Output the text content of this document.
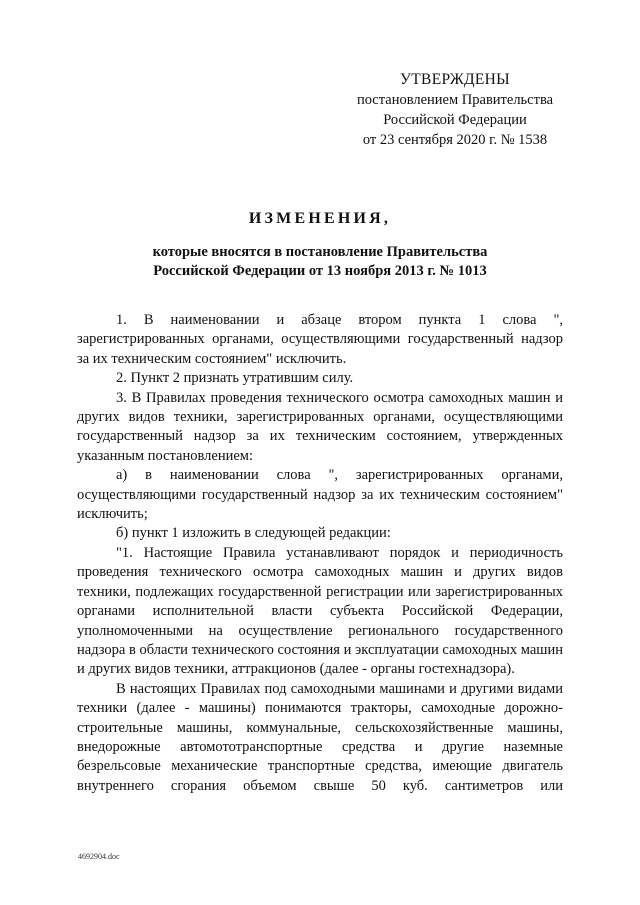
УТВЕРЖДЕНЫ
постановлением Правительства
Российской Федерации
от 23 сентября 2020 г. № 1538
ИЗМЕНЕНИЯ,
которые вносятся в постановление Правительства
Российской Федерации от 13 ноября 2013 г. № 1013

1. В наименовании и абзаце втором пункта 1 слова ", зарегистрированных органами, осуществляющими государственный надзор за их техническим состоянием" исключить.

2. Пункт 2 признать утратившим силу.

3. В Правилах проведения технического осмотра самоходных машин и других видов техники, зарегистрированных органами, осуществляющими государственный надзор за их техническим состоянием, утвержденных указанным постановлением:

а) в наименовании слова ", зарегистрированных органами, осуществляющими государственный надзор за их техническим состоянием" исключить;

б) пункт 1 изложить в следующей редакции:

"1. Настоящие Правила устанавливают порядок и периодичность проведения технического осмотра самоходных машин и других видов техники, подлежащих государственной регистрации или зарегистрированных органами исполнительной власти субъекта Российской Федерации, уполномоченными на осуществление регионального государственного надзора в области технического состояния и эксплуатации самоходных машин и других видов техники, аттракционов (далее - органы гостехнадзора).

В настоящих Правилах под самоходными машинами и другими видами техники (далее - машины) понимаются тракторы, самоходные дорожно-строительные машины, коммунальные, сельскохозяйственные машины, внедорожные автомототранспортные средства и другие наземные безрельсовые механические транспортные средства, имеющие двигатель внутреннего сгорания объемом свыше 50 куб. сантиметров или

4692904.doc
